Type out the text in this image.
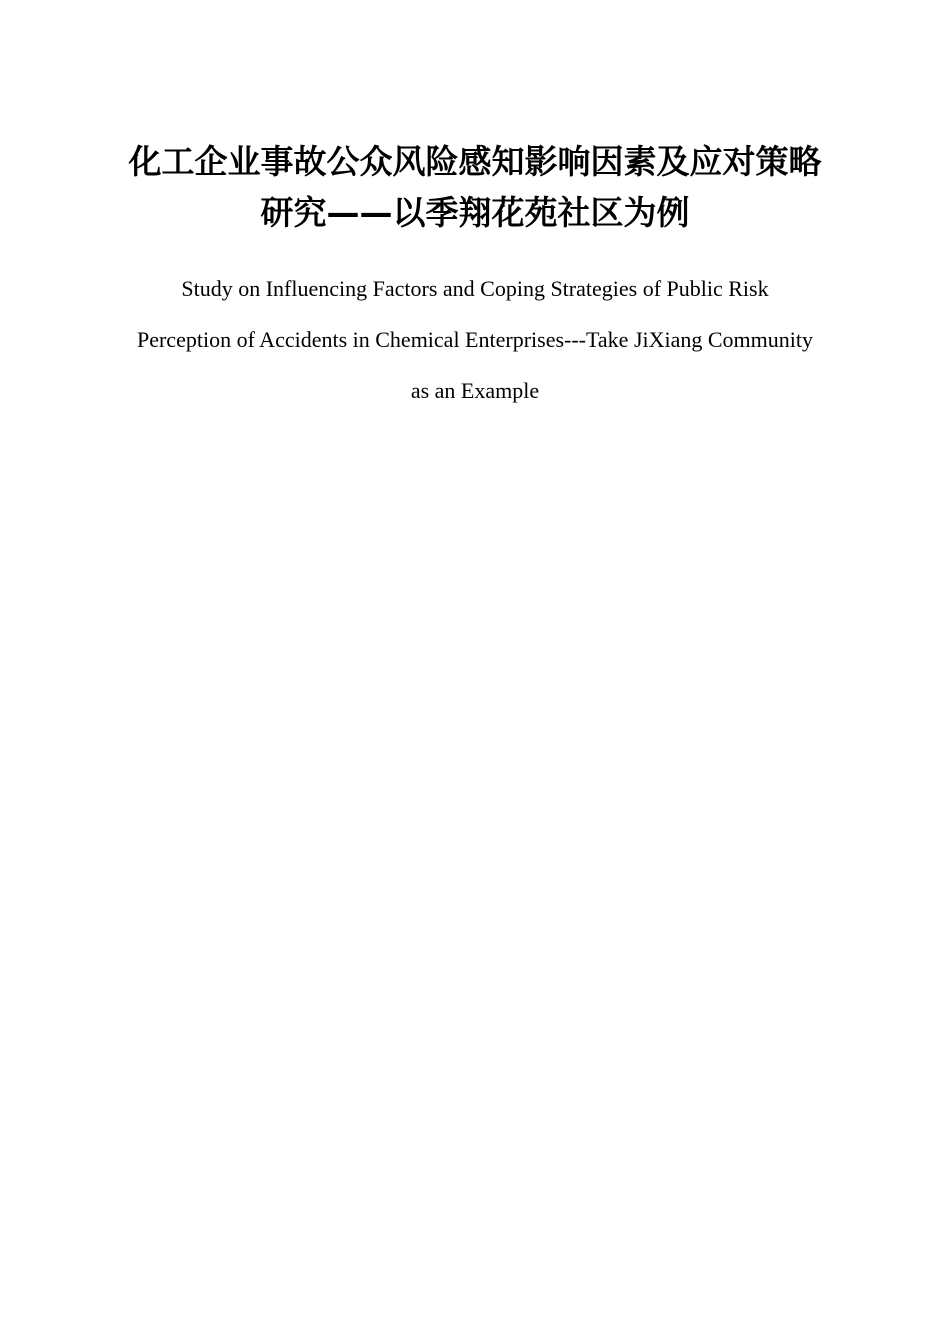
化工企业事故公众风险感知影响因素及应对策略
研究——以季翔花苑社区为例
Study on Influencing Factors and Coping Strategies of Public Risk
Perception of Accidents in Chemical Enterprises---Take JiXiang Community
as an Example
